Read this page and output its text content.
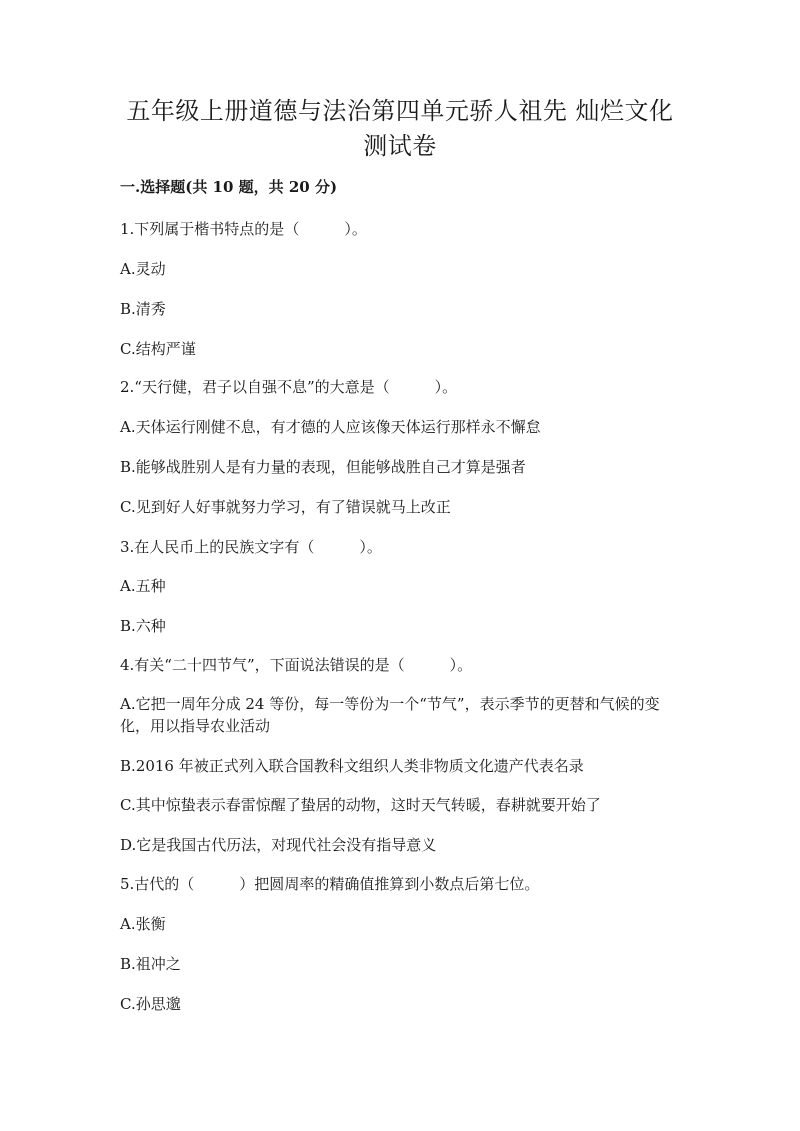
五年级上册道德与法治第四单元骄人祖先 灿烂文化
测试卷

一.选择题(共 10 题，共 20 分)

1.下列属于楷书特点的是（　　　）。

A.灵动

B.清秀

C.结构严谨

2.“天行健，君子以自强不息”的大意是（　　　）。

A.天体运行刚健不息，有才德的人应该像天体运行那样永不懈怠

B.能够战胜别人是有力量的表现，但能够战胜自己才算是强者

C.见到好人好事就努力学习，有了错误就马上改正

3.在人民币上的民族文字有（　　　）。

A.五种

B.六种

4.有关“二十四节气”，下面说法错误的是（　　　）。

A.它把一周年分成 24 等份，每一等份为一个“节气”，表示季节的更替和气候的变化，用以指导农业活动

B.2016 年被正式列入联合国教科文组织人类非物质文化遗产代表名录

C.其中惊蛰表示春雷惊醒了蛰居的动物，这时天气转暖，春耕就要开始了

D.它是我国古代历法，对现代社会没有指导意义

5.古代的（　　　）把圆周率的精确值推算到小数点后第七位。

A.张衡

B.祖冲之

C.孙思邈
